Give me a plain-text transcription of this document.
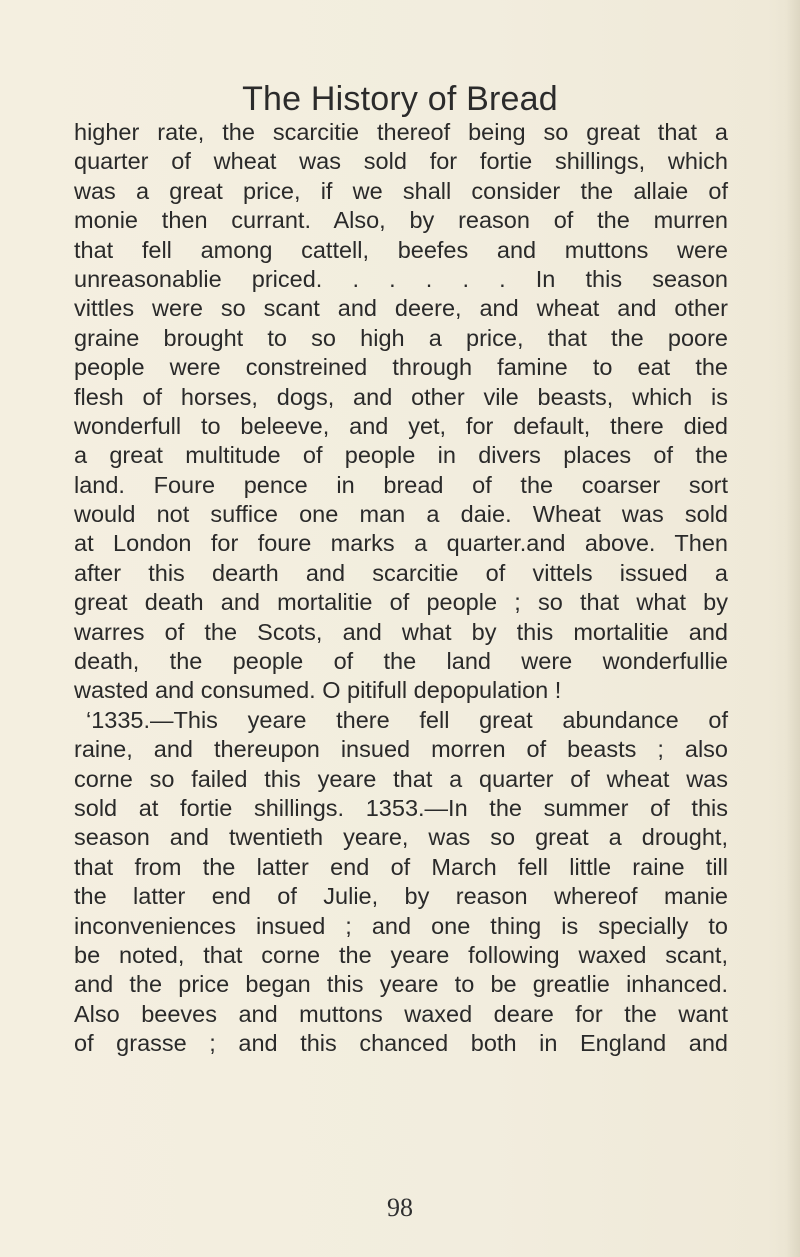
The History of Bread
higher rate, the scarcitie thereof being so great that a
quarter of wheat was sold for fortie shillings, which
was a great price, if we shall consider the allaie of
monie then currant. Also, by reason of the murren
that fell among cattell, beefes and muttons were
unreasonablie priced. . . . . . In this season
vittles were so scant and deere, and wheat and other
graine brought to so high a price, that the poore
people were constreined through famine to eat the
flesh of horses, dogs, and other vile beasts, which is
wonderfull to beleeve, and yet, for default, there died
a great multitude of people in divers places of the
land. Foure pence in bread of the coarser sort
would not suffice one man a daie. Wheat was sold
at London for foure marks a quarter.and above. Then
after this dearth and scarcitie of vittels issued a
great death and mortalitie of people ; so that what by
warres of the Scots, and what by this mortalitie and
death, the people of the land were wonderfullie
wasted and consumed. O pitifull depopulation !
‘1335.—This yeare there fell great abundance of
raine, and thereupon insued morren of beasts ; also
corne so failed this yeare that a quarter of wheat was
sold at fortie shillings. 1353.—In the summer of this
season and twentieth yeare, was so great a drought,
that from the latter end of March fell little raine till
the latter end of Julie, by reason whereof manie
inconveniences insued ; and one thing is specially to
be noted, that corne the yeare following waxed scant,
and the price began this yeare to be greatlie inhanced.
Also beeves and muttons waxed deare for the want
of grasse ; and this chanced both in England and
98
